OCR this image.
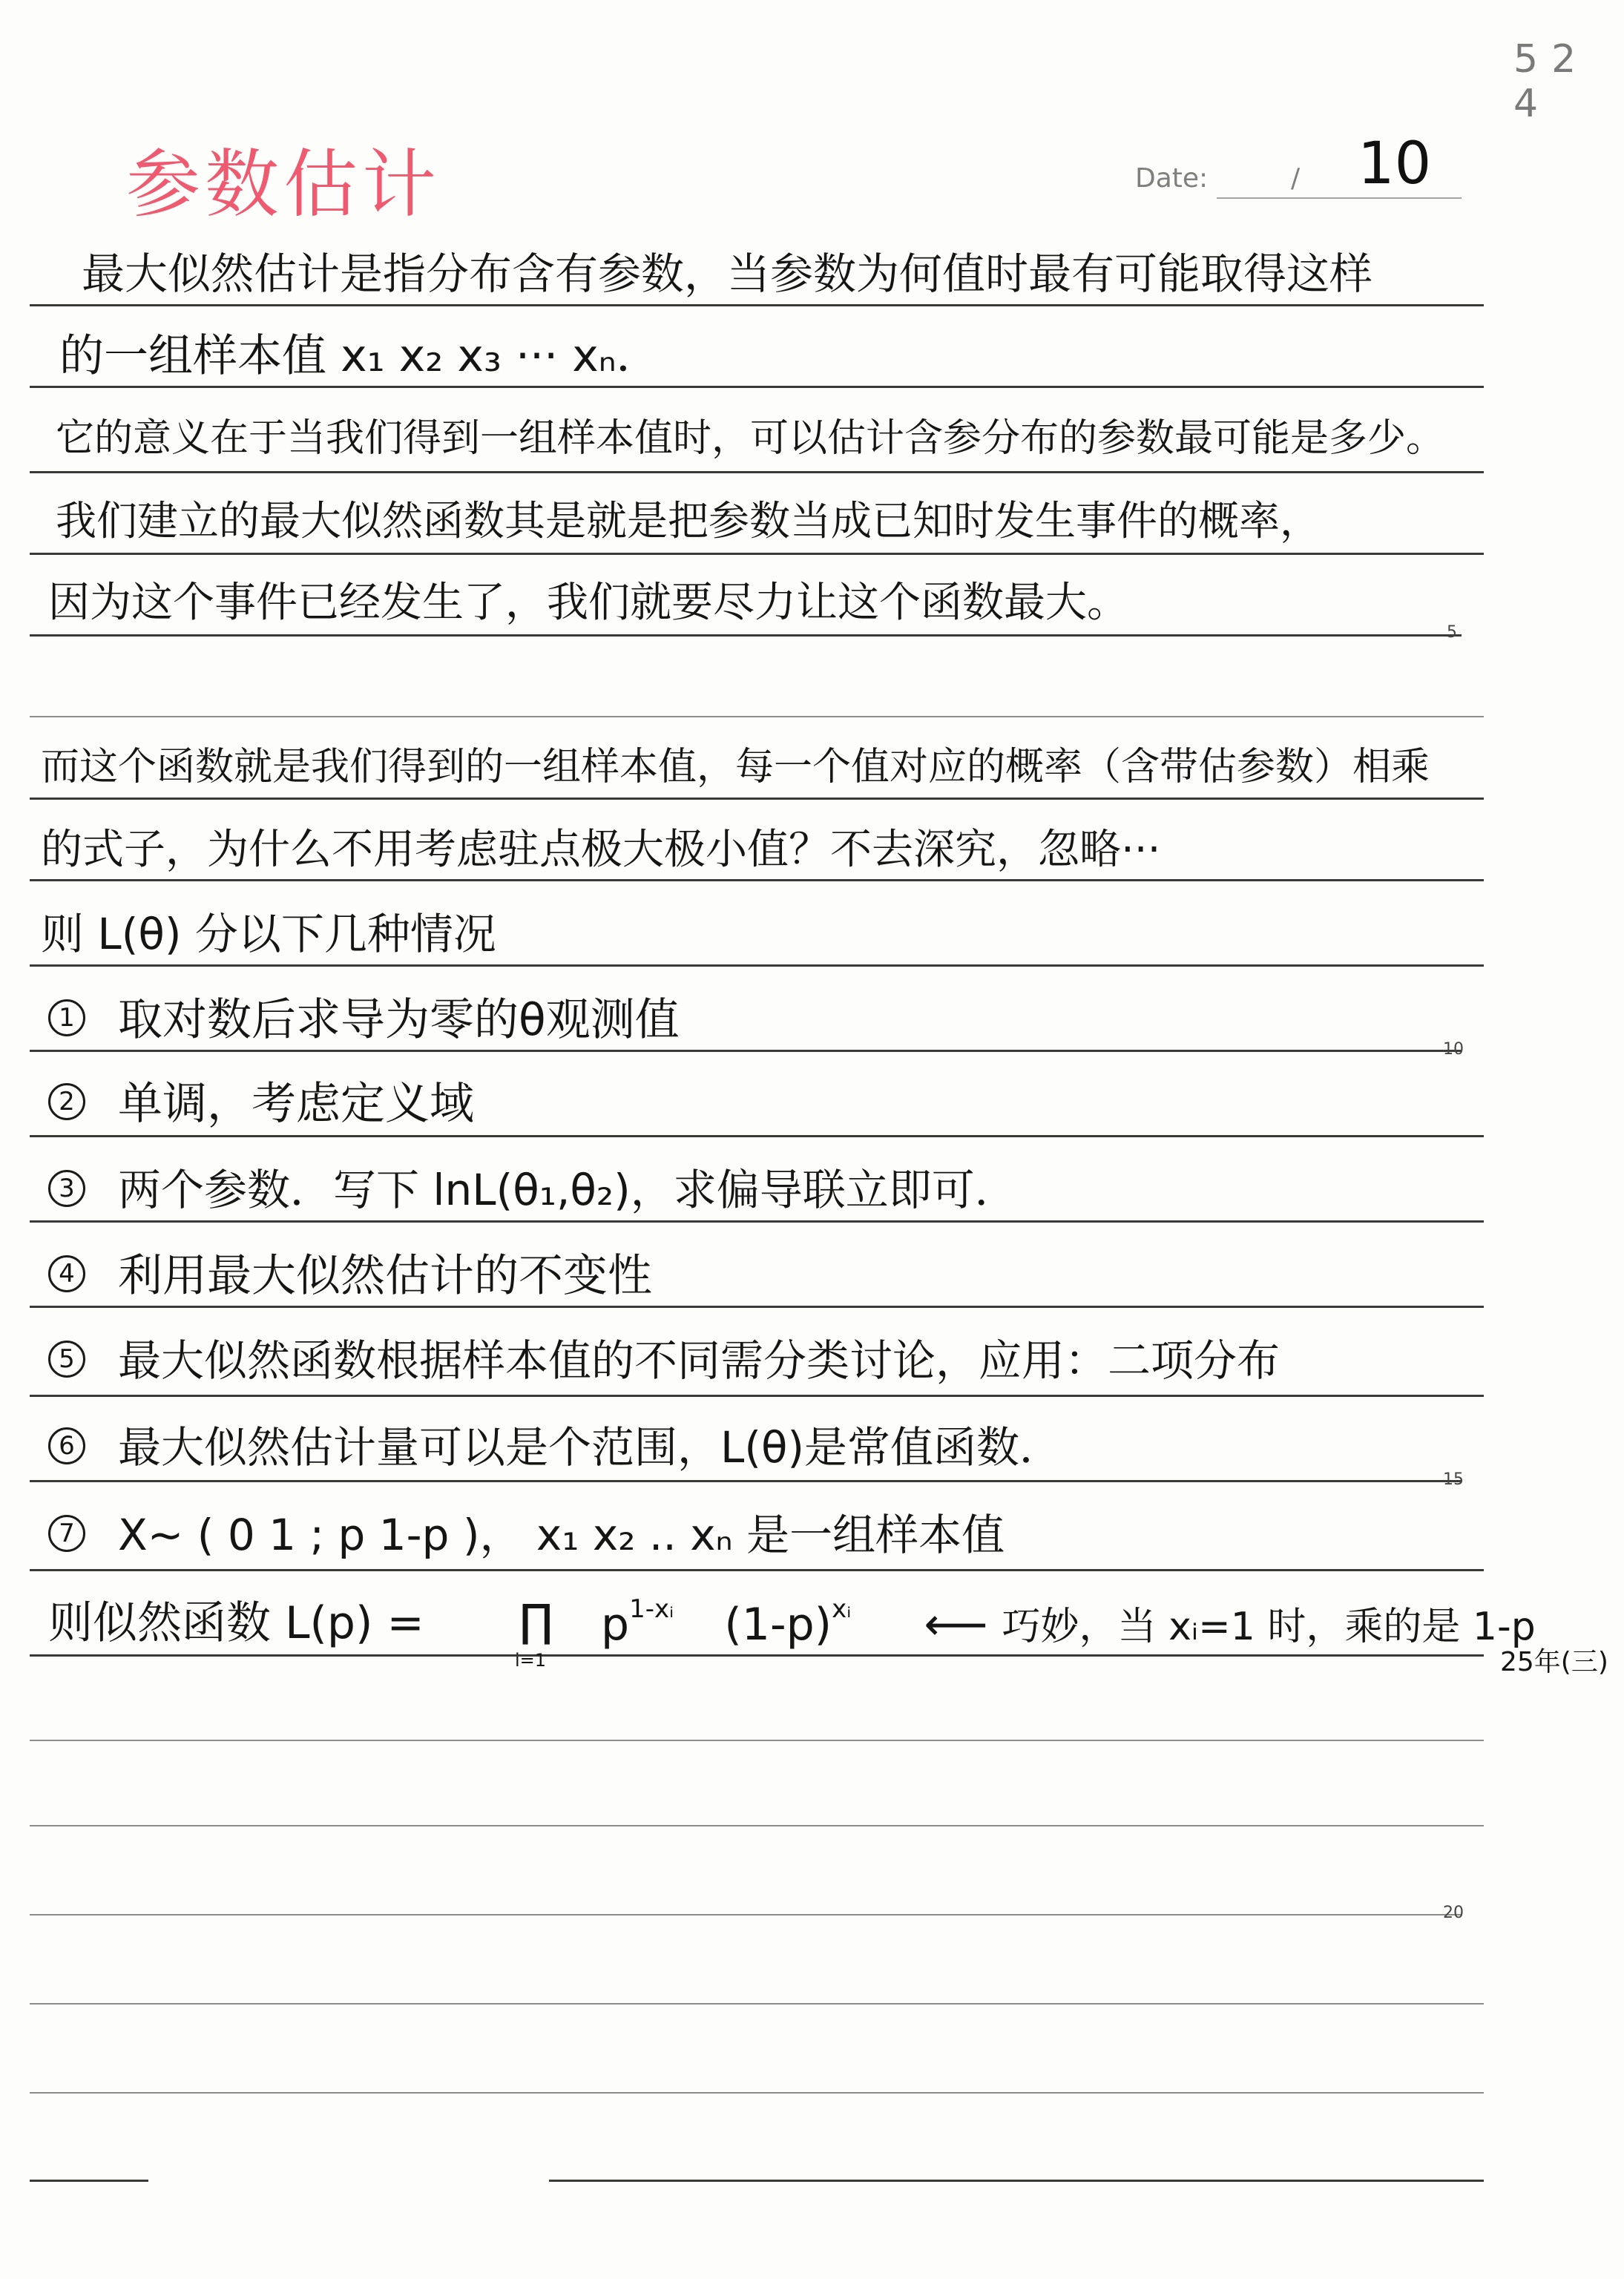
52 4
参数估计	Date:	/ 10
5
10
15
20
最大似然估计是指分布含有参数，当参数为何值时最有可能取得这样
的一组样本值 x₁ x₂ x₃ ··· xₙ．
它的意义在于当我们得到一组样本值时，可以估计含参分布的参数最可能是多少。
我们建立的最大似然函数其是就是把参数当成已知时发生事件的概率，
因为这个事件已经发生了，我们就要尽力让这个函数最大。
而这个函数就是我们得到的一组样本值，每一个值对应的概率（含带估参数）相乘
的式子，为什么不用考虑驻点极大极小值？不去深究，忽略···
则 L(θ) 分以下几种情况
1 取对数后求导为零的θ观测值
2 单调，考虑定义域
3 两个参数．写下 lnL(θ₁,θ₂)，求偏导联立即可．
4 利用最大似然估计的不变性
5 最大似然函数根据样本值的不同需分类讨论，应用：二项分布
6 最大似然估计量可以是个范围，L(θ)是常值函数．
7 X~ ( 0 1 ; p 1-p )， x₁ x₂ .. xₙ 是一组样本值
则似然函数 L(p) = ∏
i=1
$p^{1-xᵢ}$ $(1-p)^{xᵢ}$ ⟵ 巧妙，当 xᵢ=1 时，乘的是 1-p
25年(三)
